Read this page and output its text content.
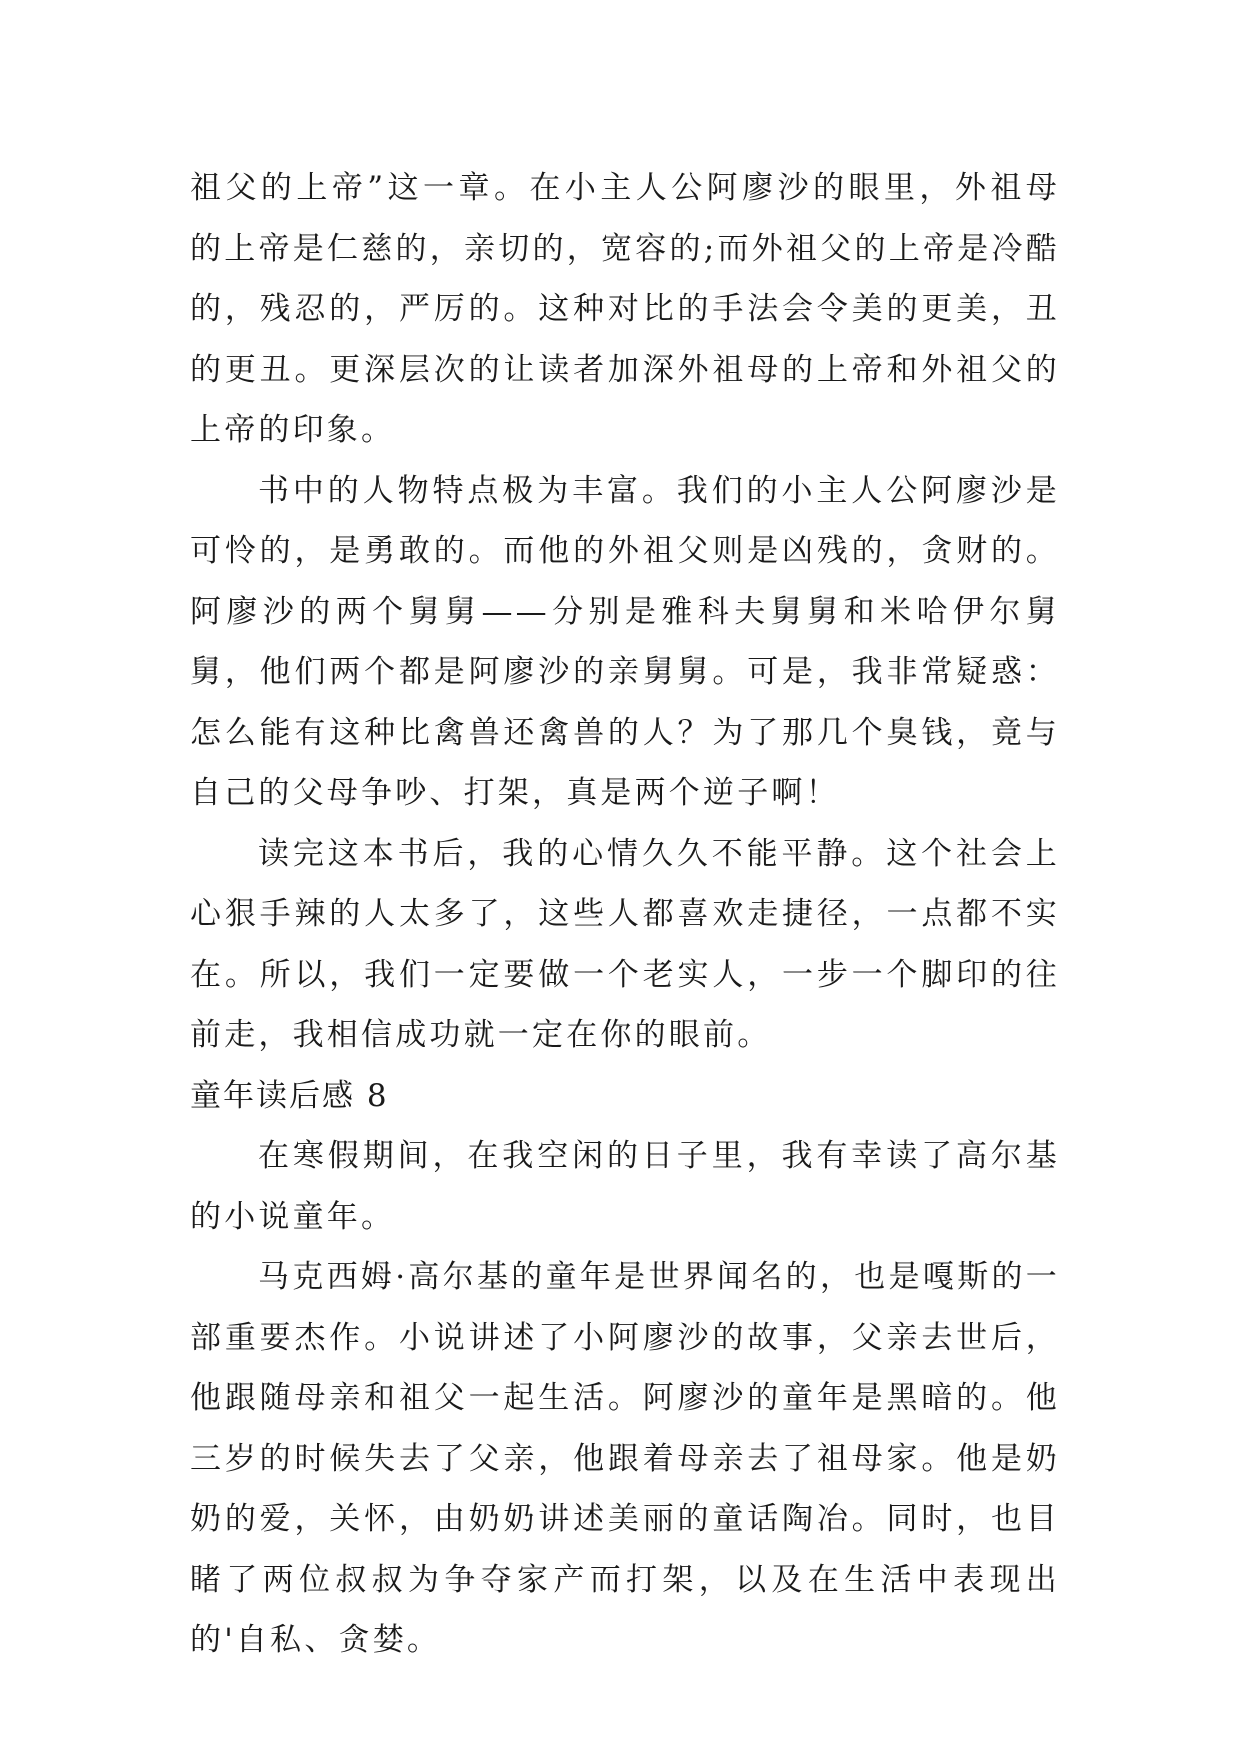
祖父的上帝”这一章。在小主人公阿廖沙的眼里，外祖母的上帝是仁慈的，亲切的，宽容的;而外祖父的上帝是冷酷的，残忍的，严厉的。这种对比的手法会令美的更美，丑的更丑。更深层次的让读者加深外祖母的上帝和外祖父的上帝的印象。

书中的人物特点极为丰富。我们的小主人公阿廖沙是可怜的，是勇敢的。而他的外祖父则是凶残的，贪财的。阿廖沙的两个舅舅——分别是雅科夫舅舅和米哈伊尔舅舅，他们两个都是阿廖沙的亲舅舅。可是，我非常疑惑：怎么能有这种比禽兽还禽兽的人？为了那几个臭钱，竟与自己的父母争吵、打架，真是两个逆子啊！

读完这本书后，我的心情久久不能平静。这个社会上心狠手辣的人太多了，这些人都喜欢走捷径，一点都不实在。所以，我们一定要做一个老实人，一步一个脚印的往前走，我相信成功就一定在你的眼前。

童年读后感 8

在寒假期间，在我空闲的日子里，我有幸读了高尔基的小说童年。

马克西姆·高尔基的童年是世界闻名的，也是嘎斯的一部重要杰作。小说讲述了小阿廖沙的故事，父亲去世后，他跟随母亲和祖父一起生活。阿廖沙的童年是黑暗的。他三岁的时候失去了父亲，他跟着母亲去了祖母家。他是奶奶的爱，关怀，由奶奶讲述美丽的童话陶冶。同时，也目睹了两位叔叔为争夺家产而打架，以及在生活中表现出的'自私、贪婪。
